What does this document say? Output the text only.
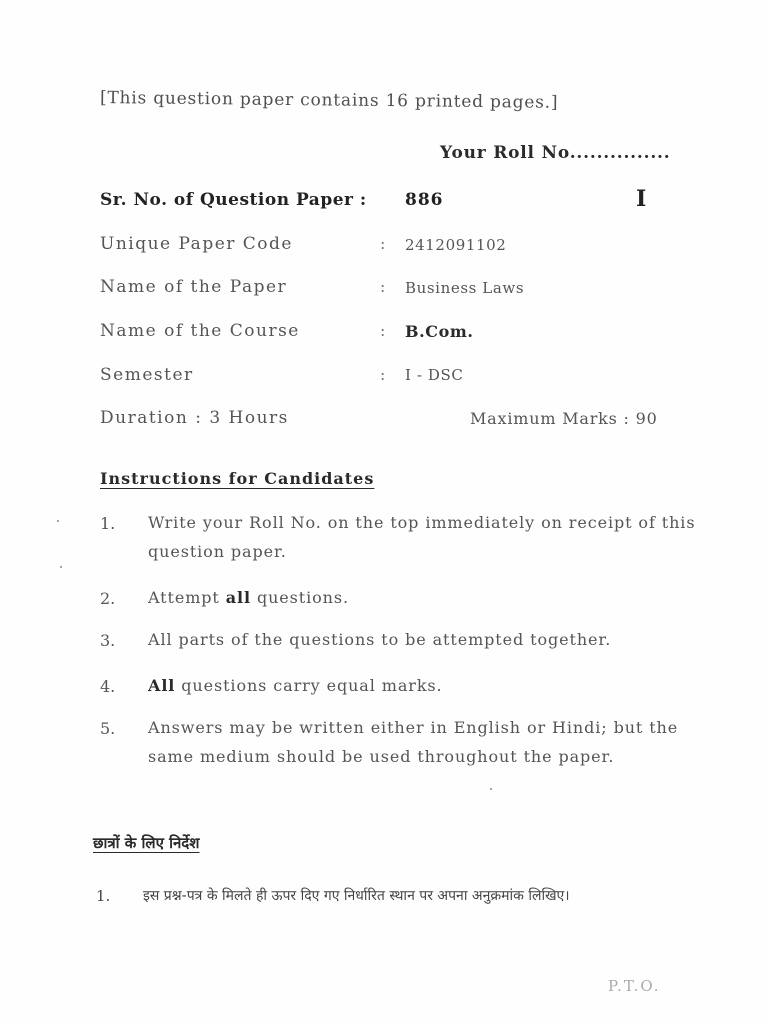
[This question paper contains 16 printed pages.]
Your Roll No...............
Sr. No. of Question Paper : 886	I
Unique Paper Code	: 2412091102
Name of the Paper	: Business Laws
Name of the Course	: B.Com.
Semester	: I - DSC
Duration : 3 Hours	Maximum Marks : 90
Instructions for Candidates
1. Write your Roll No. on the top immediately on receipt of this question paper.
2. Attempt all questions.
3. All parts of the questions to be attempted together.
4. All questions carry equal marks.
5. Answers may be written either in English or Hindi; but the same medium should be used throughout the paper.
छात्रों के लिए निर्देश
1. इस प्रश्न-पत्र के मिलते ही ऊपर दिए गए निर्धारित स्थान पर अपना अनुक्रमांक लिखिए।
P.T.O.
